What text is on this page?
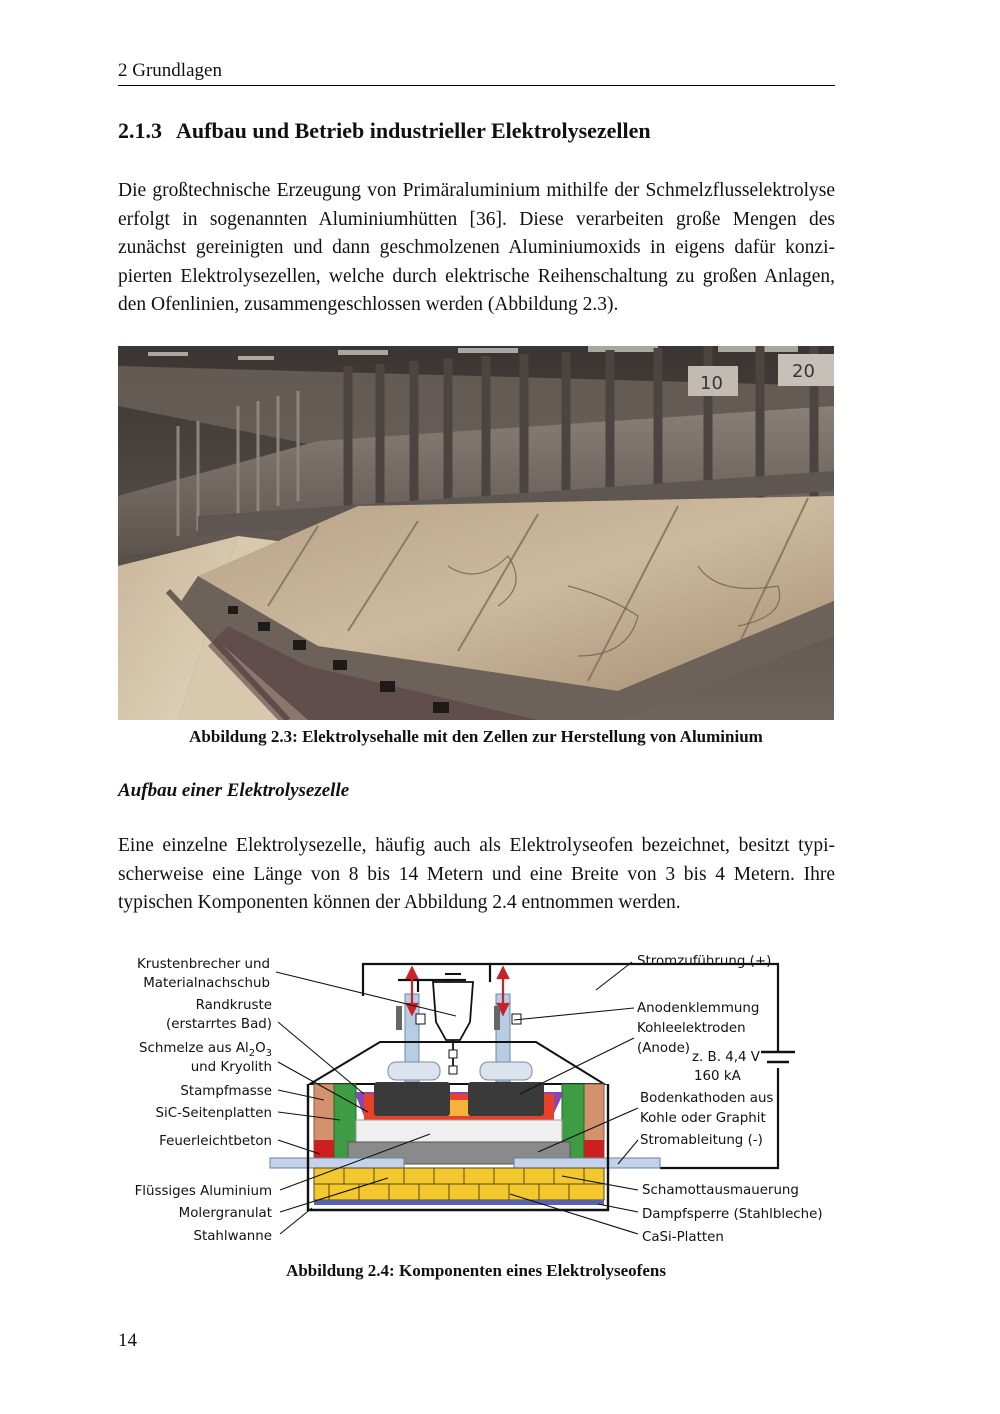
2 Grundlagen
2.1.3 Aufbau und Betrieb industrieller Elektrolysezellen

Die großtechnische Erzeugung von Primäraluminium mithilfe der Schmelzflusselektrolyse erfolgt in sogenannten Aluminiumhütten [36]. Diese verarbeiten große Mengen des zunächst gereinigten und dann geschmolzenen Aluminiumoxids in eigens dafür konzipierten Elektrolysezellen, welche durch elektrische Reihenschaltung zu großen Anlagen, den Ofenlinien, zusammengeschlossen werden (Abbildung 2.3).

10
20
Abbildung 2.3: Elektrolysehalle mit den Zellen zur Herstellung von Aluminium
Aufbau einer Elektrolysezelle

Eine einzelne Elektrolysezelle, häufig auch als Elektrolyseofen bezeichnet, besitzt typischerweise eine Länge von 8 bis 14 Metern und eine Breite von 3 bis 4 Metern. Ihre typischen Komponenten können der Abbildung 2.4 entnommen werden.

Krustenbrecher und
Materialnachschub
Randkruste
(erstarrtes Bad)
Schmelze aus $Al_2O_3$
und Kryolith
Stampfmasse
SiC-Seitenplatten
Feuerleichtbeton
Flüssiges Aluminium
Molergranulat
Stahlwanne
Stromzuführung (+)
Anodenklemmung
Kohleelektroden
(Anode)
z. B. 4,4 V
160 kA
Bodenkathoden aus
Kohle oder Graphit
Stromableitung (-)
Schamottausmauerung
Dampfsperre (Stahlbleche)
CaSi-Platten
Abbildung 2.4: Komponenten eines Elektrolyseofens
14
